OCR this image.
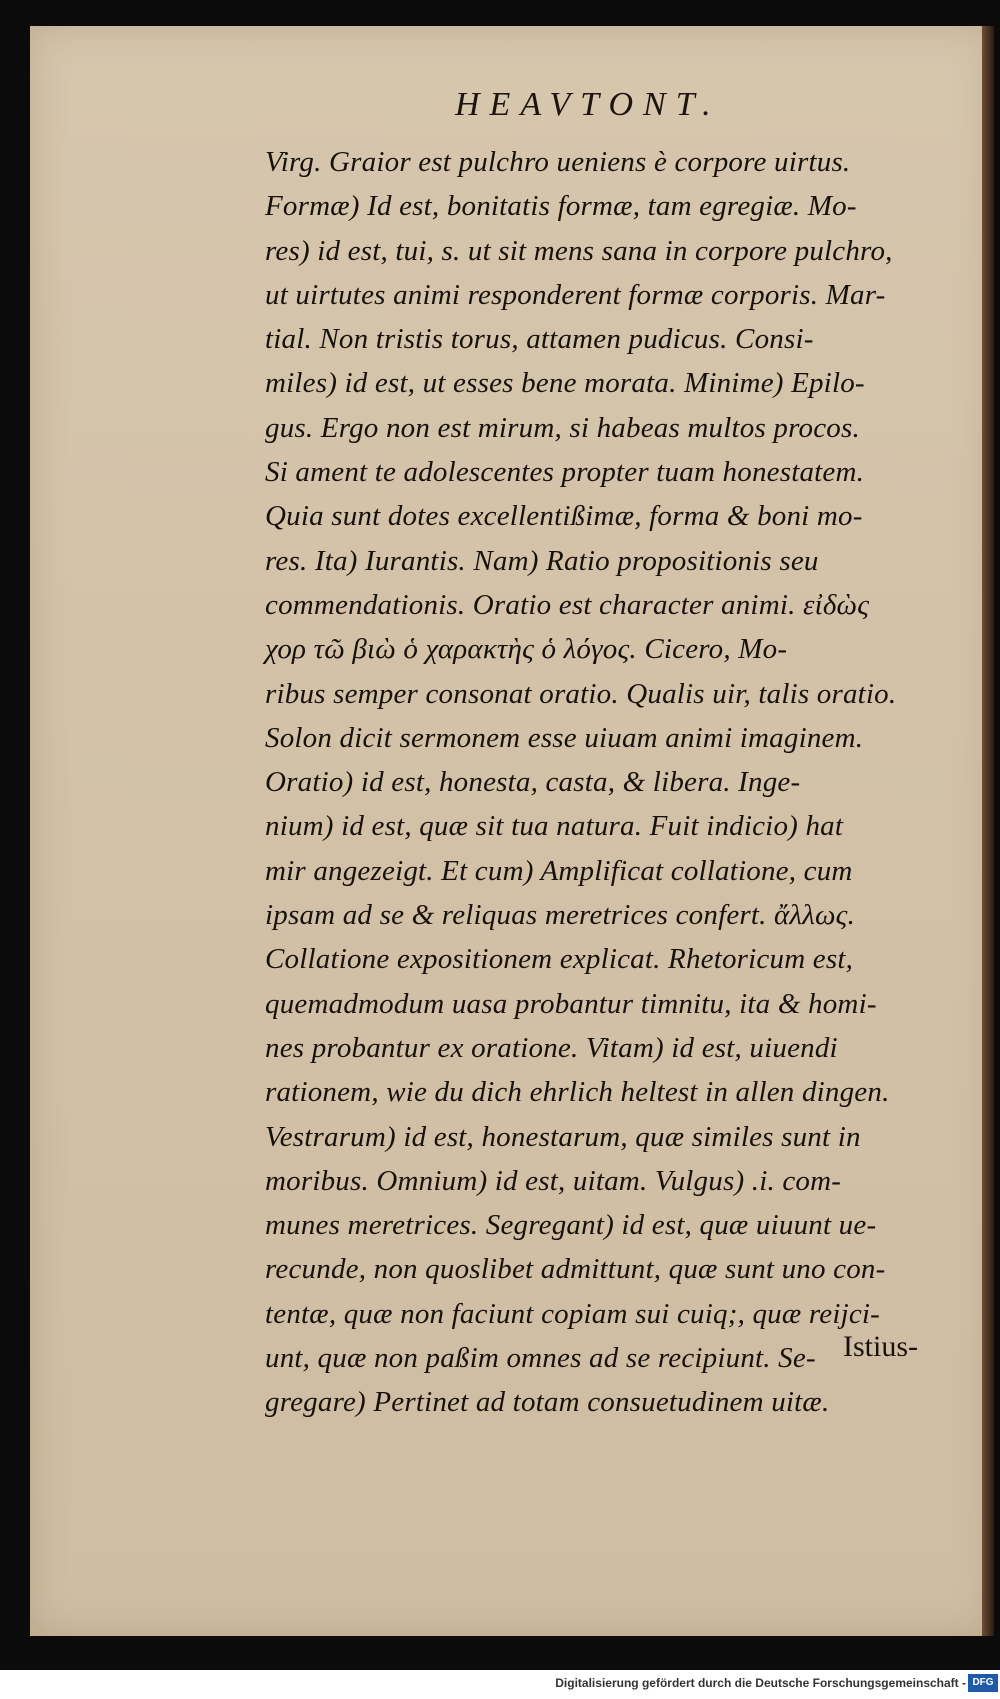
HEAVTONT.
Virg. Graior est pulchro ueniens è corpore uirtus.
Formæ) Id est, bonitatis formæ, tam egregiæ. Mo-
res) id est, tui, s. ut sit mens sana in corpore pulchro,
ut uirtutes animi responderent formæ corporis. Mar-
tial. Non tristis torus, attamen pudicus. Consi-
miles) id est, ut esses bene morata. Minime) Epilo-
gus. Ergo non est mirum, si habeas multos procos.
Si ament te adolescentes propter tuam honestatem.
Quia sunt dotes excellentißimæ, forma & boni mo-
res. Ita) Iurantis. Nam) Ratio propositionis seu
commendationis. Oratio est character animi. εἰδὼς
χορ τῶ βιὼ ὁ χαρακτὴς ὁ λόγος. Cicero, Mo-
ribus semper consonat oratio. Qualis uir, talis oratio.
Solon dicit sermonem esse uiuam animi imaginem.
Oratio) id est, honesta, casta, & libera. Inge-
nium) id est, quæ sit tua natura. Fuit indicio) hat
mir angezeigt. Et cum) Amplificat collatione, cum
ipsam ad se & reliquas meretrices confert. ἄλλως.
Collatione expositionem explicat. Rhetoricum est,
quemadmodum uasa probantur timnitu, ita & homi-
nes probantur ex oratione. Vitam) id est, uiuendi
rationem, wie du dich ehrlich heltest in allen dingen.
Vestrarum) id est, honestarum, quæ similes sunt in
moribus. Omnium) id est, uitam. Vulgus) .i. com-
munes meretrices. Segregant) id est, quæ uiuunt ue-
recunde, non quoslibet admittunt, quæ sunt uno con-
tentæ, quæ non faciunt copiam sui cuiq;, quæ reijci-
unt, quæ non paßim omnes ad se recipiunt. Se-
gregare) Pertinet ad totam consuetudinem uitæ.
Istius-
Digitalisierung gefördert durch die Deutsche Forschungsgemeinschaft - DFG
